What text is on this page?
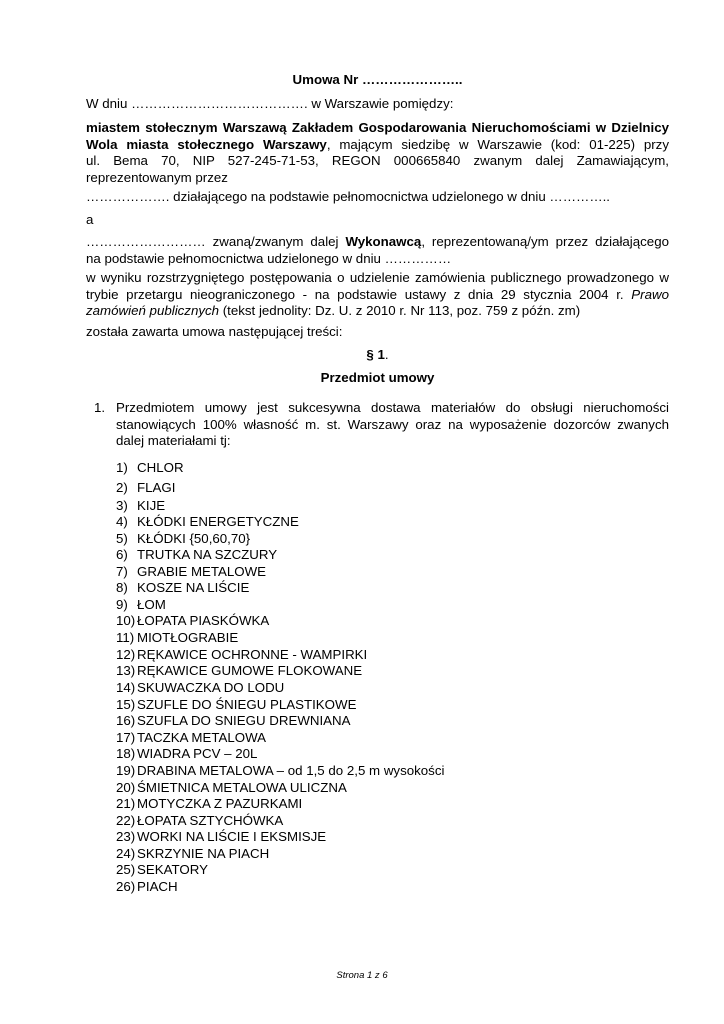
Umowa Nr …………………..
W dniu …………………………………. w Warszawie pomiędzy:
miastem stołecznym Warszawą Zakładem Gospodarowania Nieruchomościami w Dzielnicy
Wola miasta stołecznego Warszawy, mającym siedzibę w Warszawie (kod: 01-225) przy
ul. Bema 70, NIP 527-245-71-53, REGON 000665840 zwanym dalej Zamawiającym,
reprezentowanym przez
………………. działającego na podstawie pełnomocnictwa udzielonego w dniu …………..
a
……………………… zwaną/zwanym dalej Wykonawcą, reprezentowaną/ym przez działającego
na podstawie pełnomocnictwa udzielonego w dniu ……………
w wyniku rozstrzygniętego postępowania o udzielenie zamówienia publicznego prowadzonego w
trybie przetargu nieograniczonego - na podstawie ustawy z dnia 29 stycznia 2004 r. Prawo
zamówień publicznych (tekst jednolity: Dz. U. z 2010 r. Nr 113, poz. 759 z późn. zm)
została zawarta umowa następującej treści:
§ 1.
Przedmiot umowy
1. Przedmiotem umowy jest sukcesywna dostawa materiałów do obsługi nieruchomości
stanowiących 100% własność m. st. Warszawy oraz na wyposażenie dozorców zwanych
dalej materiałami tj:
1) CHLOR
2) FLAGI
3) KIJE
4) KŁÓDKI ENERGETYCZNE
5) KŁÓDKI {50,60,70}
6) TRUTKA NA SZCZURY
7) GRABIE METALOWE
8) KOSZE NA LIŚCIE
9) ŁOM
10) ŁOPATA PIASKÓWKA
11) MIOTŁOGRABIE
12) RĘKAWICE OCHRONNE - WAMPIRKI
13) RĘKAWICE GUMOWE FLOKOWANE
14) SKUWACZKA DO LODU
15) SZUFLE DO ŚNIEGU PLASTIKOWE
16) SZUFLA DO SNIEGU DREWNIANA
17) TACZKA METALOWA
18) WIADRA PCV – 20L
19) DRABINA METALOWA – od 1,5 do 2,5 m wysokości
20) ŚMIETNICA METALOWA ULICZNA
21) MOTYCZKA Z PAZURKAMI
22) ŁOPATA SZTYCHÓWKA
23) WORKI NA LIŚCIE I EKSMISJE
24) SKRZYNIE NA PIACH
25) SEKATORY
26) PIACH
Strona 1 z 6
